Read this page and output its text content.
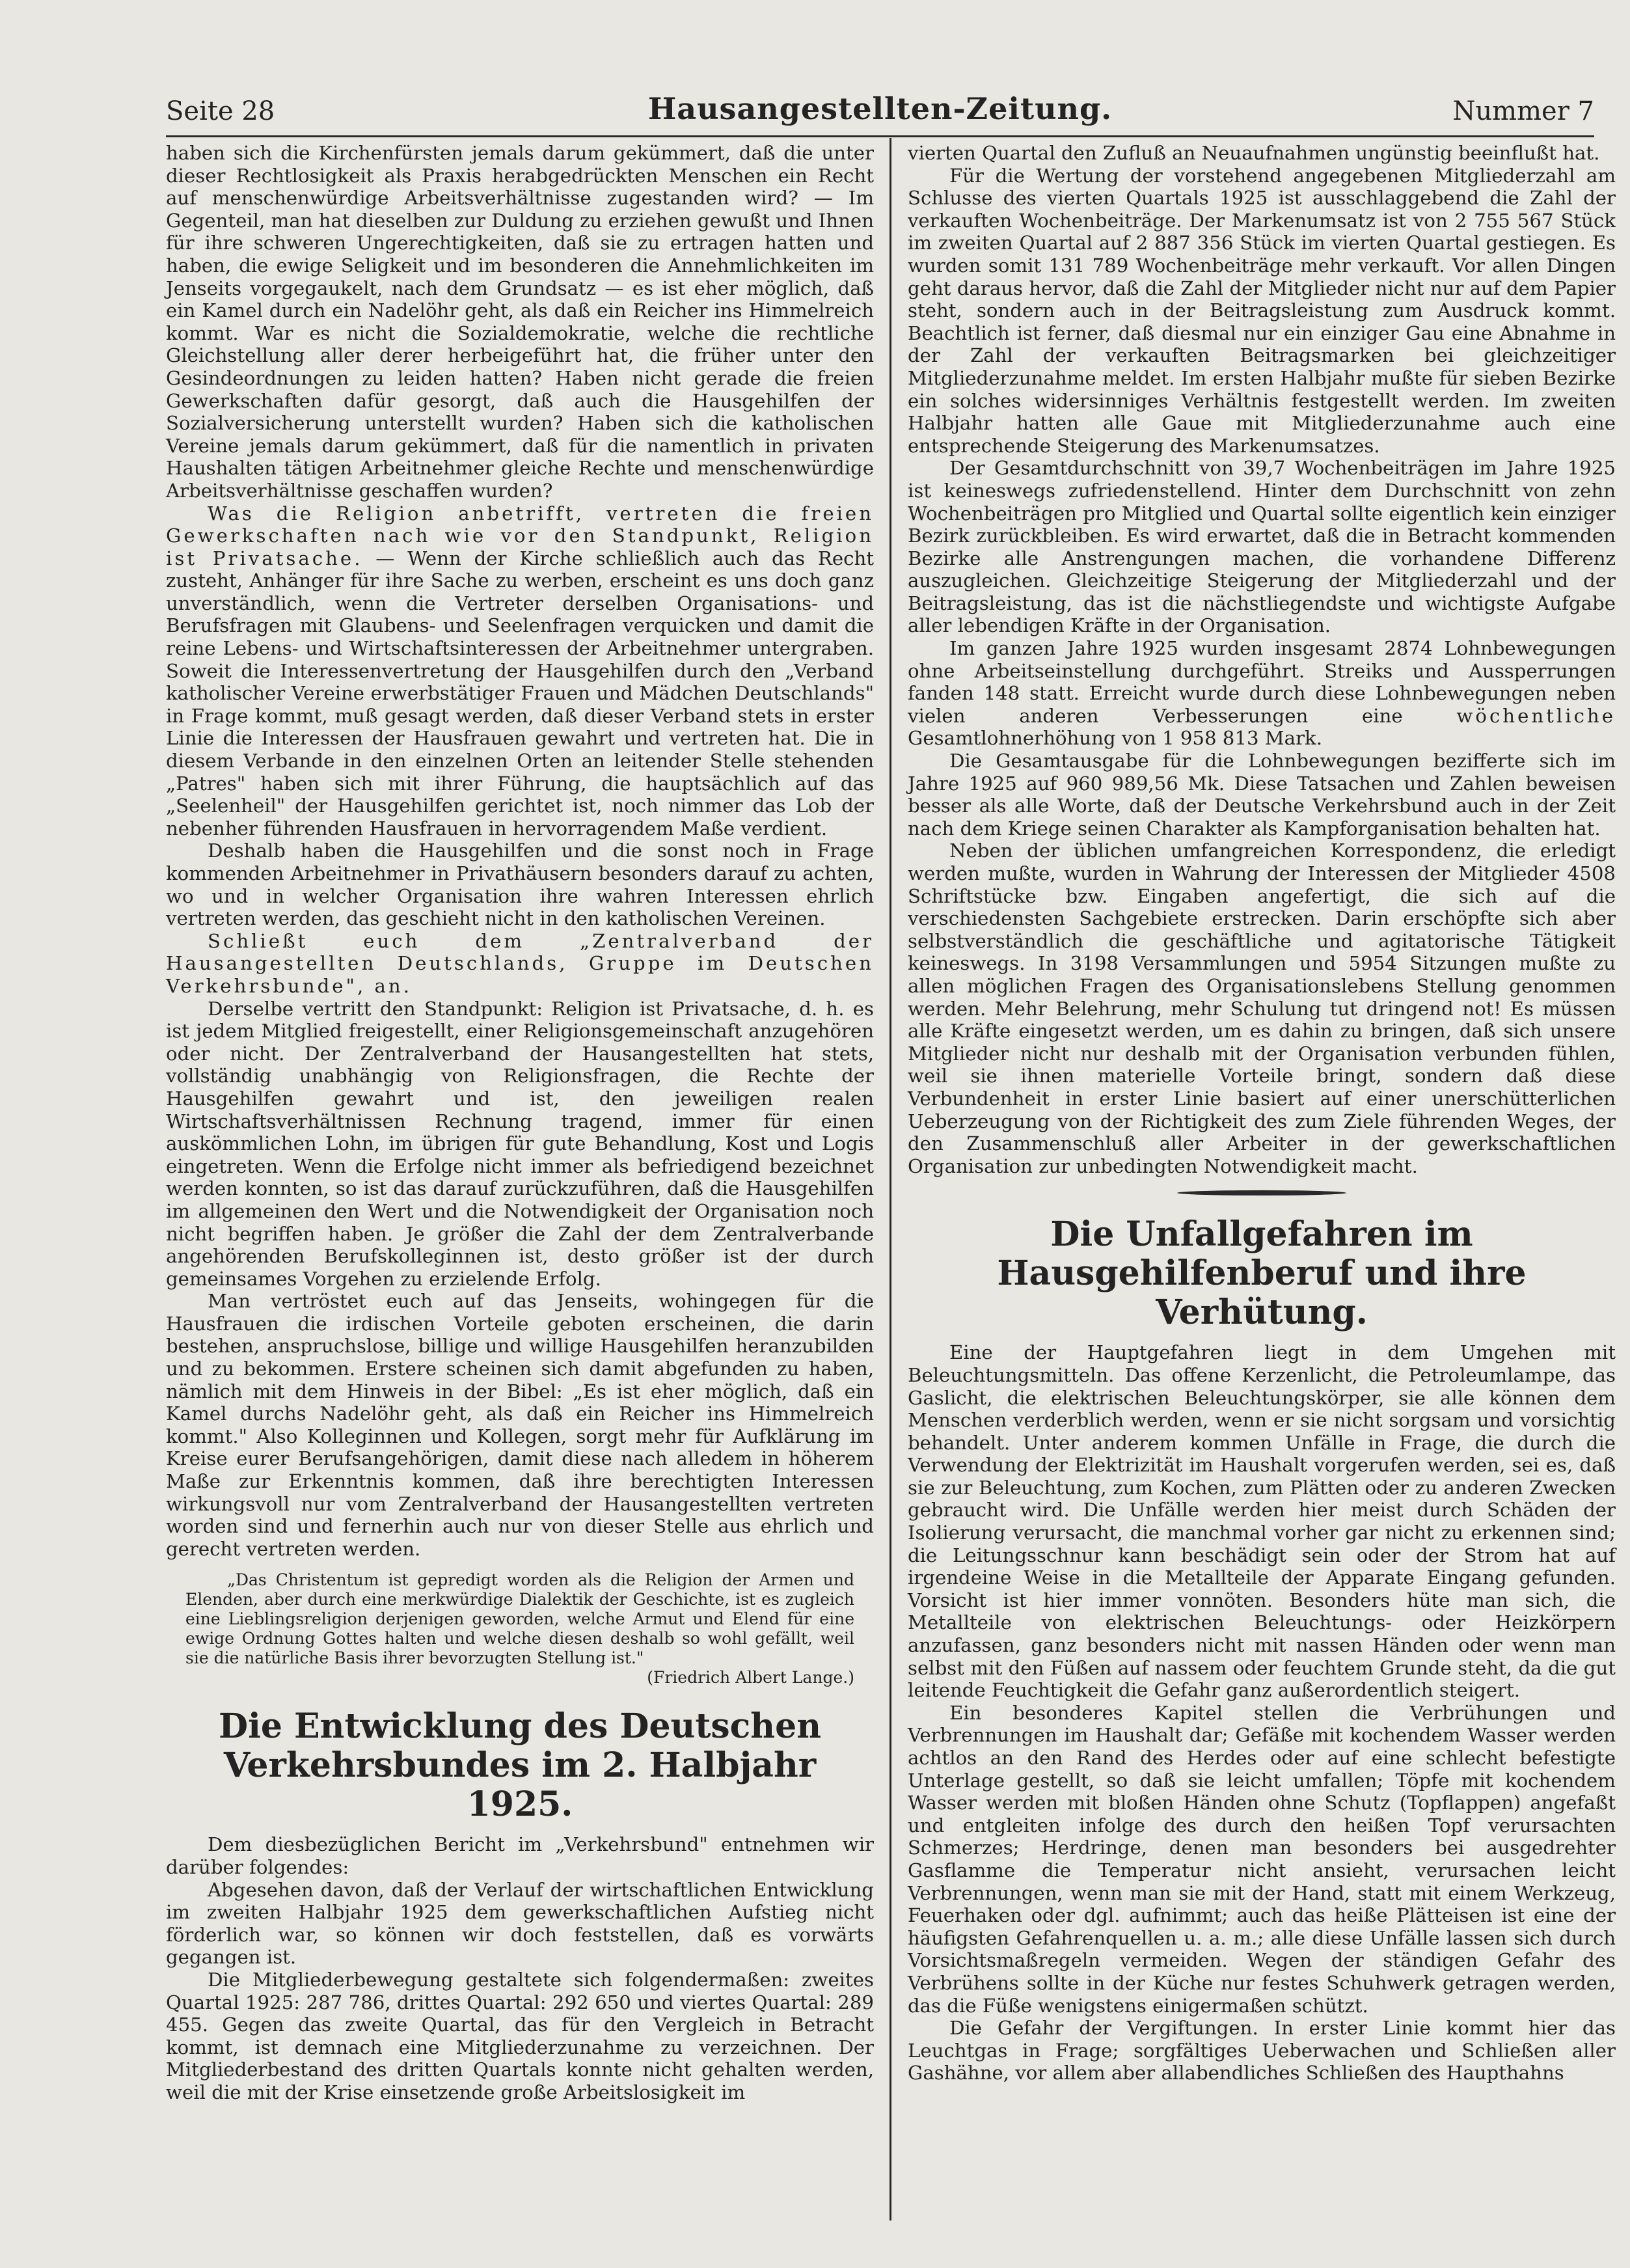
Seite 28	Hausangestellten-Zeitung.	Nummer 7

haben sich die Kirchenfürsten jemals darum gekümmert, daß die unter dieser Rechtlosigkeit als Praxis herabgedrückten Menschen ein Recht auf menschenwürdige Arbeitsverhältnisse zugestanden wird? — Im Gegenteil, man hat dieselben zur Duldung zu erziehen gewußt und Ihnen für ihre schweren Ungerechtigkeiten, daß sie zu ertragen hatten und haben, die ewige Seligkeit und im besonderen die Annehmlichkeiten im Jenseits vorgegaukelt, nach dem Grundsatz — es ist eher möglich, daß ein Kamel durch ein Nadelöhr geht, als daß ein Reicher ins Himmelreich kommt. War es nicht die Sozialdemokratie, welche die rechtliche Gleichstellung aller derer herbeigeführt hat, die früher unter den Gesindeordnungen zu leiden hatten? Haben nicht gerade die freien Gewerkschaften dafür gesorgt, daß auch die Hausgehilfen der Sozialversicherung unterstellt wurden? Haben sich die katholischen Vereine jemals darum gekümmert, daß für die namentlich in privaten Haushalten tätigen Arbeitnehmer gleiche Rechte und menschenwürdige Arbeitsverhältnisse geschaffen wurden?

Was die Religion anbetrifft, vertreten die freien Gewerkschaften nach wie vor den Standpunkt, Religion ist Privatsache. — Wenn der Kirche schließlich auch das Recht zusteht, Anhänger für ihre Sache zu werben, erscheint es uns doch ganz unverständlich, wenn die Vertreter derselben Organisations- und Berufsfragen mit Glaubens- und Seelenfragen verquicken und damit die reine Lebens- und Wirtschaftsinteressen der Arbeitnehmer untergraben. Soweit die Interessenvertretung der Hausgehilfen durch den „Verband katholischer Vereine erwerbstätiger Frauen und Mädchen Deutschlands" in Frage kommt, muß gesagt werden, daß dieser Verband stets in erster Linie die Interessen der Hausfrauen gewahrt und vertreten hat. Die in diesem Verbande in den einzelnen Orten an leitender Stelle stehenden „Patres" haben sich mit ihrer Führung, die hauptsächlich auf das „Seelenheil" der Hausgehilfen gerichtet ist, noch nimmer das Lob der nebenher führenden Hausfrauen in hervorragendem Maße verdient.

Deshalb haben die Hausgehilfen und die sonst noch in Frage kommenden Arbeitnehmer in Privathäusern besonders darauf zu achten, wo und in welcher Organisation ihre wahren Interessen ehrlich vertreten werden, das geschieht nicht in den katholischen Vereinen.

Schließt euch dem „Zentralverband der Hausangestellten Deutschlands, Gruppe im Deutschen Verkehrsbunde", an.

Derselbe vertritt den Standpunkt: Religion ist Privatsache, d. h. es ist jedem Mitglied freigestellt, einer Religionsgemeinschaft anzugehören oder nicht. Der Zentralverband der Hausangestellten hat stets, vollständig unabhängig von Religionsfragen, die Rechte der Hausgehilfen gewahrt und ist, den jeweiligen realen Wirtschaftsverhältnissen Rechnung tragend, immer für einen auskömmlichen Lohn, im übrigen für gute Behandlung, Kost und Logis eingetreten. Wenn die Erfolge nicht immer als befriedigend bezeichnet werden konnten, so ist das darauf zurückzuführen, daß die Hausgehilfen im allgemeinen den Wert und die Notwendigkeit der Organisation noch nicht begriffen haben. Je größer die Zahl der dem Zentralverbande angehörenden Berufskolleginnen ist, desto größer ist der durch gemeinsames Vorgehen zu erzielende Erfolg.

Man vertröstet euch auf das Jenseits, wohingegen für die Hausfrauen die irdischen Vorteile geboten erscheinen, die darin bestehen, anspruchslose, billige und willige Hausgehilfen heranzubilden und zu bekommen. Erstere scheinen sich damit abgefunden zu haben, nämlich mit dem Hinweis in der Bibel: „Es ist eher möglich, daß ein Kamel durchs Nadelöhr geht, als daß ein Reicher ins Himmelreich kommt." Also Kolleginnen und Kollegen, sorgt mehr für Aufklärung im Kreise eurer Berufsangehörigen, damit diese nach alledem in höherem Maße zur Erkenntnis kommen, daß ihre berechtigten Interessen wirkungsvoll nur vom Zentralverband der Hausangestellten vertreten worden sind und fernerhin auch nur von dieser Stelle aus ehrlich und gerecht vertreten werden.

„Das Christentum ist gepredigt worden als die Religion der Armen und Elenden, aber durch eine merkwürdige Dialektik der Geschichte, ist es zugleich eine Lieblingsreligion derjenigen geworden, welche Armut und Elend für eine ewige Ordnung Gottes halten und welche diesen deshalb so wohl gefällt, weil sie die natürliche Basis ihrer bevorzugten Stellung ist."

(Friedrich Albert Lange.)

Die Entwicklung des Deutschen Verkehrsbundes im 2. Halbjahr 1925.

Dem diesbezüglichen Bericht im „Verkehrsbund" entnehmen wir darüber folgendes:

Abgesehen davon, daß der Verlauf der wirtschaftlichen Entwicklung im zweiten Halbjahr 1925 dem gewerkschaftlichen Aufstieg nicht förderlich war, so können wir doch feststellen, daß es vorwärts gegangen ist.

Die Mitgliederbewegung gestaltete sich folgendermaßen: zweites Quartal 1925: 287 786, drittes Quartal: 292 650 und viertes Quartal: 289 455. Gegen das zweite Quartal, das für den Vergleich in Betracht kommt, ist demnach eine Mitgliederzunahme zu verzeichnen. Der Mitgliederbestand des dritten Quartals konnte nicht gehalten werden, weil die mit der Krise einsetzende große Arbeitslosigkeit im

vierten Quartal den Zufluß an Neuaufnahmen ungünstig beeinflußt hat.

Für die Wertung der vorstehend angegebenen Mitgliederzahl am Schlusse des vierten Quartals 1925 ist ausschlaggebend die Zahl der verkauften Wochenbeiträge. Der Markenumsatz ist von 2 755 567 Stück im zweiten Quartal auf 2 887 356 Stück im vierten Quartal gestiegen. Es wurden somit 131 789 Wochenbeiträge mehr verkauft. Vor allen Dingen geht daraus hervor, daß die Zahl der Mitglieder nicht nur auf dem Papier steht, sondern auch in der Beitragsleistung zum Ausdruck kommt. Beachtlich ist ferner, daß diesmal nur ein einziger Gau eine Abnahme in der Zahl der verkauften Beitragsmarken bei gleichzeitiger Mitgliederzunahme meldet. Im ersten Halbjahr mußte für sieben Bezirke ein solches widersinniges Verhältnis festgestellt werden. Im zweiten Halbjahr hatten alle Gaue mit Mitgliederzunahme auch eine entsprechende Steigerung des Markenumsatzes.

Der Gesamtdurchschnitt von 39,7 Wochenbeiträgen im Jahre 1925 ist keineswegs zufriedenstellend. Hinter dem Durchschnitt von zehn Wochenbeiträgen pro Mitglied und Quartal sollte eigentlich kein einziger Bezirk zurückbleiben. Es wird erwartet, daß die in Betracht kommenden Bezirke alle Anstrengungen machen, die vorhandene Differenz auszugleichen. Gleichzeitige Steigerung der Mitgliederzahl und der Beitragsleistung, das ist die nächstliegendste und wichtigste Aufgabe aller lebendigen Kräfte in der Organisation.

Im ganzen Jahre 1925 wurden insgesamt 2874 Lohnbewegungen ohne Arbeitseinstellung durchgeführt. Streiks und Aussperrungen fanden 148 statt. Erreicht wurde durch diese Lohnbewegungen neben vielen anderen Verbesserungen eine	wöchentliche Gesamtlohnerhöhung von 1 958 813 Mark.

Die Gesamtausgabe für die Lohnbewegungen bezifferte sich im Jahre 1925 auf 960 989,56 Mk. Diese Tatsachen und Zahlen beweisen besser als alle Worte, daß der Deutsche Verkehrsbund auch in der Zeit nach dem Kriege seinen Charakter als Kampforganisation behalten hat.

Neben der üblichen umfangreichen Korrespondenz, die erledigt werden mußte, wurden in Wahrung der Interessen der Mitglieder 4508 Schriftstücke bzw. Eingaben angefertigt, die sich auf die verschiedensten Sachgebiete erstrecken. Darin erschöpfte sich aber selbstverständlich die geschäftliche und agitatorische Tätigkeit keineswegs. In 3198 Versammlungen und 5954 Sitzungen mußte zu allen möglichen Fragen des Organisationslebens Stellung genommen werden. Mehr Belehrung, mehr Schulung tut dringend not! Es müssen alle Kräfte eingesetzt werden, um es dahin zu bringen, daß sich unsere Mitglieder nicht nur deshalb mit der Organisation verbunden fühlen, weil sie ihnen materielle Vorteile bringt, sondern daß diese Verbundenheit in erster Linie basiert auf einer unerschütterlichen Ueberzeugung von der Richtigkeit des zum Ziele führenden Weges, der den Zusammenschluß aller Arbeiter in der gewerkschaftlichen Organisation zur unbedingten Notwendigkeit macht.

Die Unfallgefahren im Hausgehilfenberuf und ihre Verhütung.

Eine der Hauptgefahren liegt in dem Umgehen mit Beleuchtungsmitteln. Das offene Kerzenlicht, die Petroleumlampe, das Gaslicht, die elektrischen Beleuchtungskörper, sie alle können dem Menschen verderblich werden, wenn er sie nicht sorgsam und vorsichtig behandelt. Unter anderem kommen Unfälle in Frage, die durch die Verwendung der Elektrizität im Haushalt vorgerufen werden, sei es, daß sie zur Beleuchtung, zum Kochen, zum Plätten oder zu anderen Zwecken gebraucht wird. Die Unfälle werden hier meist durch Schäden der Isolierung verursacht, die manchmal vorher gar nicht zu erkennen sind; die Leitungsschnur kann beschädigt sein oder der Strom hat auf irgendeine Weise in die Metallteile der Apparate Eingang gefunden. Vorsicht ist hier immer vonnöten. Besonders hüte man sich, die Metallteile von elektrischen Beleuchtungs- oder Heizkörpern anzufassen, ganz besonders nicht mit nassen Händen oder wenn man selbst mit den Füßen auf nassem oder feuchtem Grunde steht, da die gut leitende Feuchtigkeit die Gefahr ganz außerordentlich steigert.

Ein besonderes Kapitel stellen die Verbrühungen und Verbrennungen im Haushalt dar; Gefäße mit kochendem Wasser werden achtlos an den Rand des Herdes oder auf eine schlecht befestigte Unterlage gestellt, so daß sie leicht umfallen; Töpfe mit kochendem Wasser werden mit bloßen Händen ohne Schutz (Topflappen) angefaßt und entgleiten infolge des durch den heißen Topf verursachten Schmerzes; Herdringe, denen man besonders bei ausgedrehter Gasflamme die Temperatur nicht ansieht, verursachen leicht Verbrennungen, wenn man sie mit der Hand, statt mit einem Werkzeug, Feuerhaken oder dgl. aufnimmt; auch das heiße Plätteisen ist eine der häufigsten Gefahrenquellen u. a. m.; alle diese Unfälle lassen sich durch Vorsichtsmaßregeln vermeiden. Wegen der ständigen Gefahr des Verbrühens sollte in der Küche nur festes Schuhwerk getragen werden, das die Füße wenigstens einigermaßen schützt.

Die Gefahr der Vergiftungen. In erster Linie kommt hier das Leuchtgas in Frage; sorgfältiges Ueberwachen und Schließen aller Gashähne, vor allem aber allabendliches Schließen des Haupthahns
